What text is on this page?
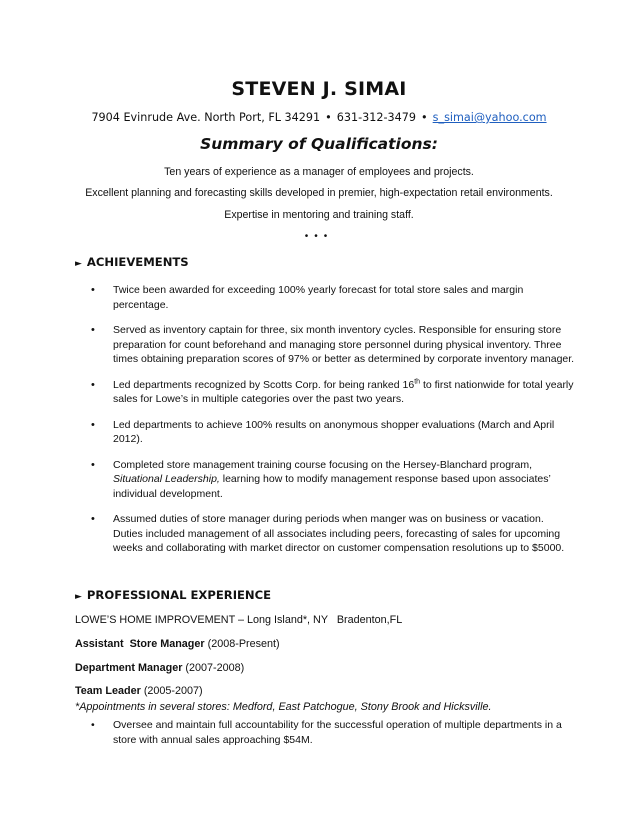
STEVEN J. SIMAI
7904 Evinrude Ave. North Port, FL 34291 • 631-312-3479 • s_simai@yahoo.com
Summary of Qualifications:
Ten years of experience as a manager of employees and projects.
Excellent planning and forecasting skills developed in premier, high-expectation retail environments.
Expertise in mentoring and training staff.
•••
► ACHIEVEMENTS
• Twice been awarded for exceeding 100% yearly forecast for total store sales and margin percentage.
• Served as inventory captain for three, six month inventory cycles. Responsible for ensuring store preparation for count beforehand and managing store personnel during physical inventory. Three times obtaining preparation scores of 97% or better as determined by corporate inventory manager.
• Led departments recognized by Scotts Corp. for being ranked 16th to first nationwide for total yearly sales for Lowe’s in multiple categories over the past two years.
• Led departments to achieve 100% results on anonymous shopper evaluations (March and April 2012).
• Completed store management training course focusing on the Hersey-Blanchard program, Situational Leadership, learning how to modify management response based upon associates’ individual development.
• Assumed duties of store manager during periods when manger was on business or vacation. Duties included management of all associates including peers, forecasting of sales for upcoming weeks and collaborating with market director on customer compensation resolutions up to $5000.
► PROFESSIONAL EXPERIENCE
LOWE’S HOME IMPROVEMENT – Long Island*, NY   Bradenton,FL
Assistant  Store Manager (2008-Present)
Department Manager (2007-2008)
Team Leader (2005-2007)
*Appointments in several stores: Medford, East Patchogue, Stony Brook and Hicksville.
•	Oversee and maintain full accountability for the successful operation of multiple departments in a store with annual sales approaching $54M.
